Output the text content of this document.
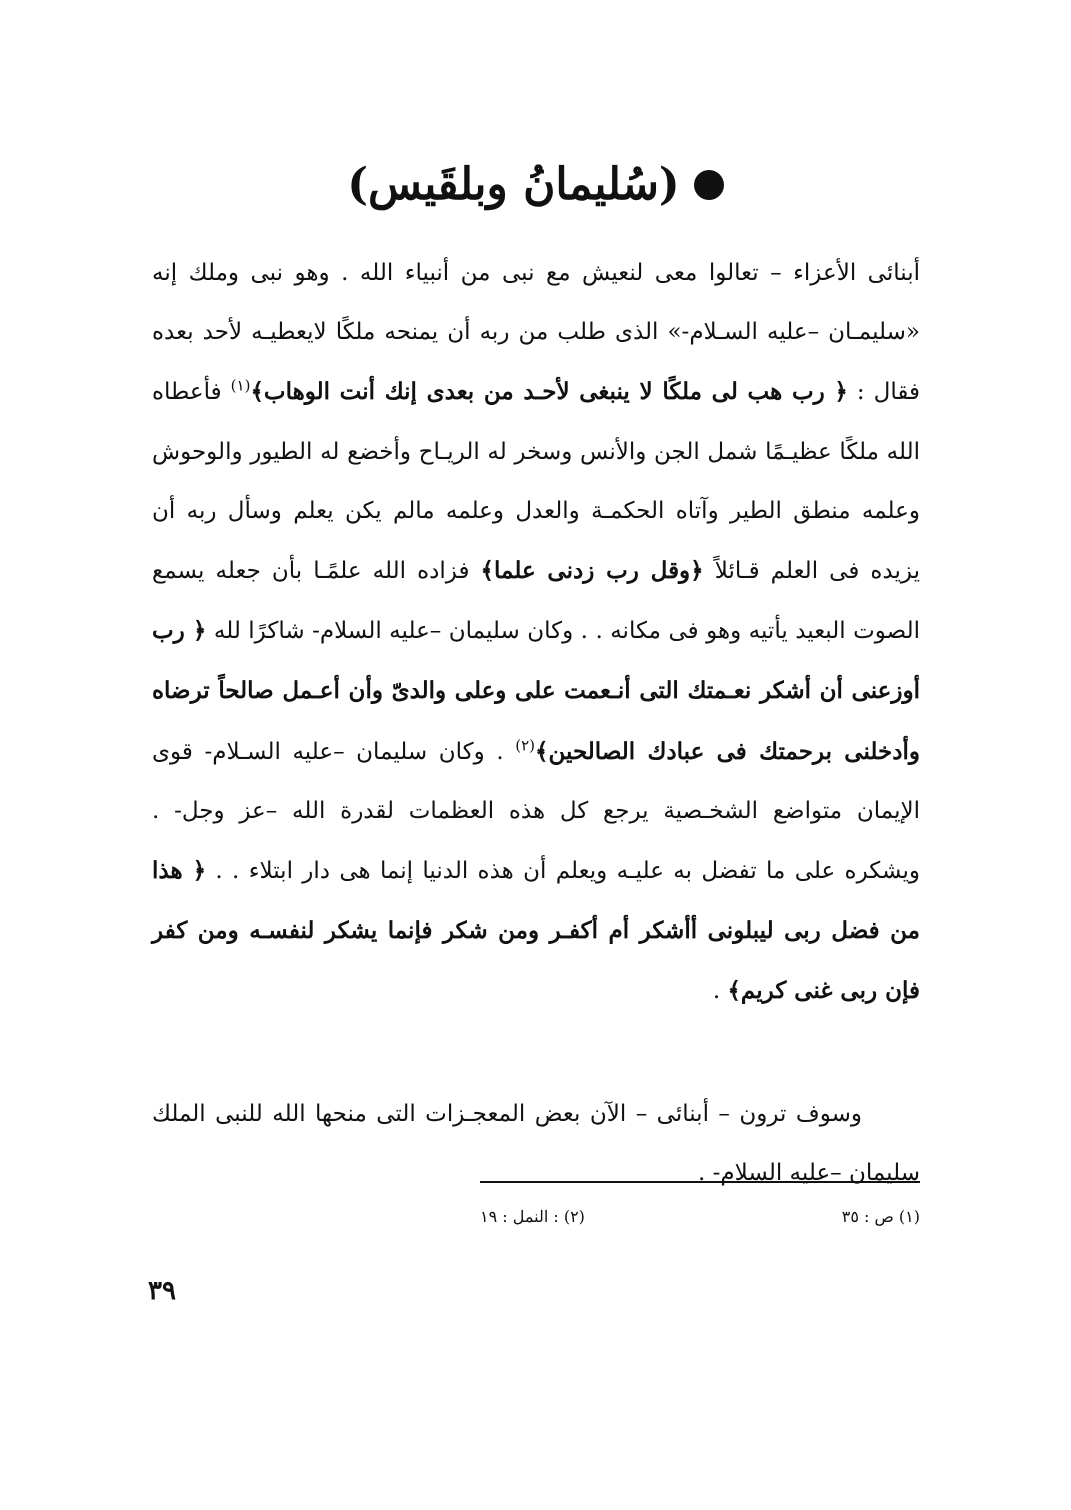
(سُليمانُ وبلقَيس)

أبنائى الأعزاء – تعالوا معى لنعيش مع نبى من أنبياء الله . وهو نبى وملك إنه «سليمـان –عليه السـلام-» الذى طلب من ربه أن يمنحه ملكًا لايعطيـه لأحد بعده فقال : ﴿ رب هب لى ملكًا لا ينبغى لأحـد من بعدى إنك أنت الوهاب﴾$^{(١)}$ فأعطاه الله ملكًا عظيـمًا شمل الجن والأنس وسخر له الريـاح وأخضع له الطيور والوحوش وعلمه منطق الطير وآتاه الحكمـة والعدل وعلمه مالم يكن يعلم وسأل ربه أن يزيده فى العلم قـائلاً ﴿وقل رب زدنى علما﴾ فزاده الله علمًـا بأن جعله يسمع الصوت البعيد يأتيه وهو فى مكانه . . وكان سليمان –عليه السلام- شاكرًا لله ﴿ رب أوزعنى أن أشكر نعـمتك التى أنـعمت على وعلى والدىّ وأن أعـمل صالحاً ترضاه وأدخلنى برحمتك فى عبادك الصالحين﴾$^{(٢)}$ . وكان سليمان –عليه السـلام- قوى الإيمان متواضع الشخـصية يرجع كل هذه العظمات لقدرة الله –عز وجل- . ويشكره على ما تفضل به عليـه ويعلم أن هذه الدنيا إنما هى دار ابتلاء . . ﴿ هذا من فضل ربى ليبلونى أأشكر أم أكفـر ومن شكر فإنما يشكر لنفسـه ومن كفر فإن ربى غنى كريم﴾ .

وسوف ترون – أبنائى – الآن بعض المعجـزات التى منحها الله للنبى الملك سليمان –عليه السلام- .

(١) ص : ٣٥
(٢) : النمل : ١٩
٣٩
